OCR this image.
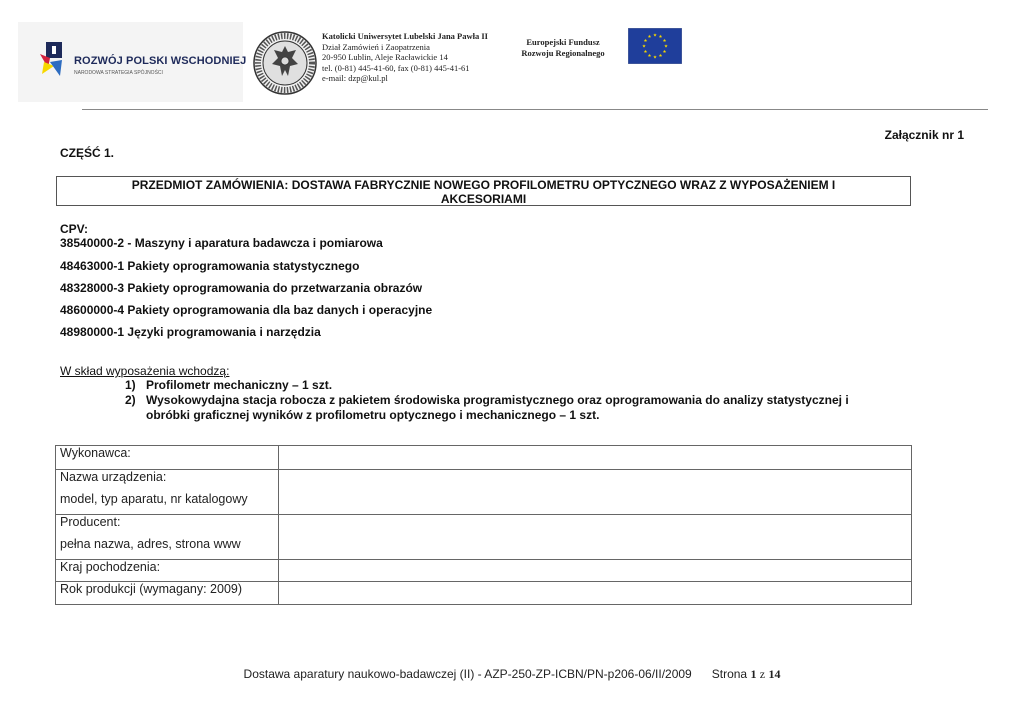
ROZWÓJ POLSKI WSCHODNIEJ
NARODOWA STRATEGIA SPÓJNOŚCI
Katolicki Uniwersytet Lubelski Jana Pawła II
Dział Zamówień i Zaopatrzenia
20-950 Lublin, Aleje Racławickie 14
tel. (0-81) 445-41-60, fax (0-81) 445-41-61
e-mail: dzp@kul.pl
Europejski Fundusz
Rozwoju Regionalnego
Załącznik nr 1
CZĘŚĆ 1.
PRZEDMIOT ZAMÓWIENIA: DOSTAWA FABRYCZNIE NOWEGO PROFILOMETRU OPTYCZNEGO WRAZ Z WYPOSAŻENIEM I
AKCESORIAMI
CPV:
38540000-2 - Maszyny i aparatura badawcza i pomiarowa
48463000-1 Pakiety oprogramowania statystycznego
48328000-3 Pakiety oprogramowania do przetwarzania obrazów
48600000-4 Pakiety oprogramowania dla baz danych i operacyjne
48980000-1 Języki programowania i narzędzia
W skład wyposażenia wchodzą:
1) Profilometr mechaniczny – 1 szt.
2) Wysokowydajna stacja robocza z pakietem środowiska programistycznego oraz oprogramowania do analizy statystycznej i
obróbki graficznej wyników z profilometru optycznego i mechanicznego – 1 szt.
Wykonawca:	
Nazwa urządzenia:
model, typ aparatu, nr katalogowy	

Producent:
pełna nazwa, adres, strona www	

Kraj pochodzenia:	
Rok produkcji (wymagany: 2009)	
Dostawa aparatury naukowo-badawczej (II) - AZP-250-ZP-ICBN/PN-p206-06/II/2009 Strona 1 z 14
